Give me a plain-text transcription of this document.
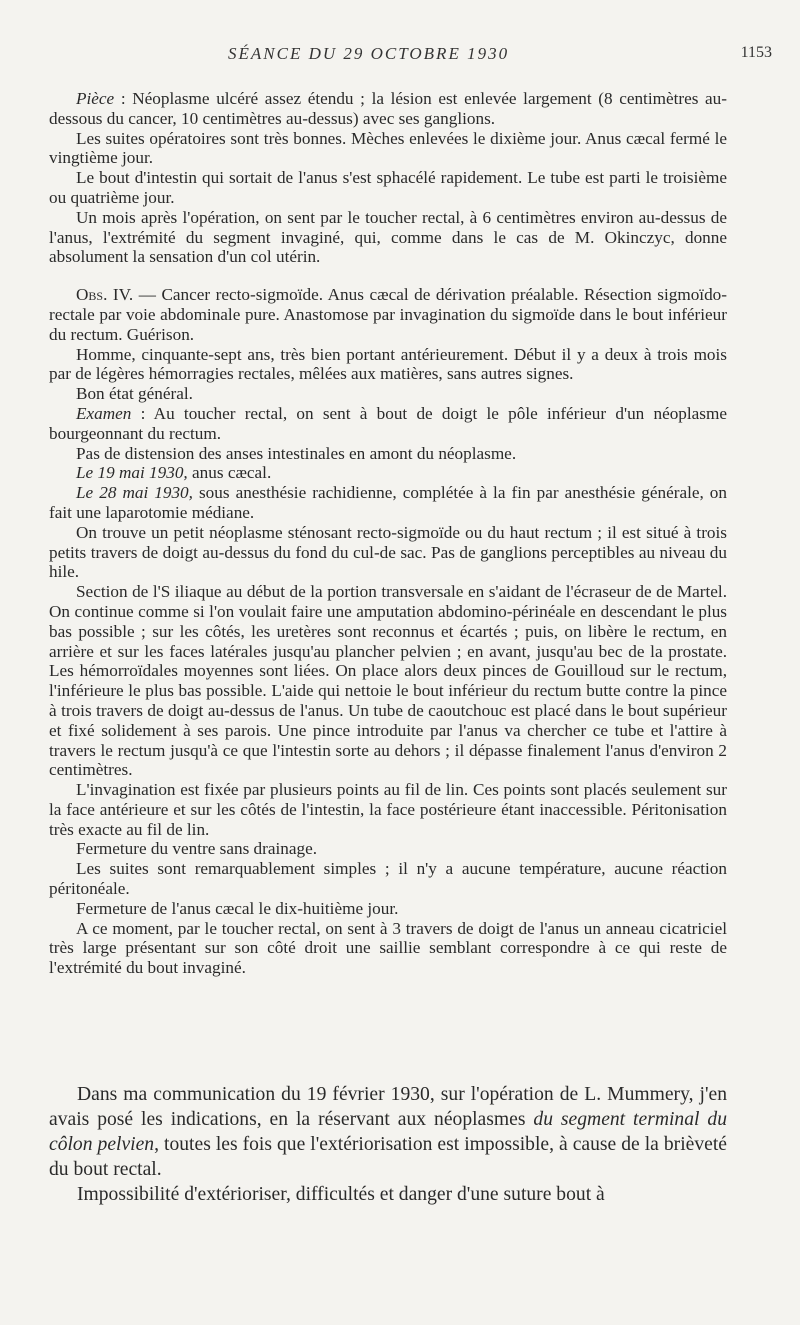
SÉANCE DU 29 OCTOBRE 1930	1153

Pièce : Néoplasme ulcéré assez étendu ; la lésion est enlevée largement (8 centimètres au-dessous du cancer, 10 centimètres au-dessus) avec ses ganglions.

Les suites opératoires sont très bonnes. Mèches enlevées le dixième jour. Anus cæcal fermé le vingtième jour.

Le bout d'intestin qui sortait de l'anus s'est sphacélé rapidement. Le tube est parti le troisième ou quatrième jour.

Un mois après l'opération, on sent par le toucher rectal, à 6 centimètres environ au-dessus de l'anus, l'extrémité du segment invaginé, qui, comme dans le cas de M. Okinczyc, donne absolument la sensation d'un col utérin.

Obs. IV. — Cancer recto-sigmoïde. Anus cæcal de dérivation préalable. Résection sigmoïdo-rectale par voie abdominale pure. Anastomose par invagination du sigmoïde dans le bout inférieur du rectum. Guérison.

Homme, cinquante-sept ans, très bien portant antérieurement. Début il y a deux à trois mois par de légères hémorragies rectales, mêlées aux matières, sans autres signes.

Bon état général.

Examen : Au toucher rectal, on sent à bout de doigt le pôle inférieur d'un néoplasme bourgeonnant du rectum.

Pas de distension des anses intestinales en amont du néoplasme.

Le 19 mai 1930, anus cæcal.

Le 28 mai 1930, sous anesthésie rachidienne, complétée à la fin par anesthésie générale, on fait une laparotomie médiane.

On trouve un petit néoplasme sténosant recto-sigmoïde ou du haut rectum ; il est situé à trois petits travers de doigt au-dessus du fond du cul-de sac. Pas de ganglions perceptibles au niveau du hile.

Section de l'S iliaque au début de la portion transversale en s'aidant de l'écraseur de de Martel. On continue comme si l'on voulait faire une amputation abdomino-périnéale en descendant le plus bas possible ; sur les côtés, les uretères sont reconnus et écartés ; puis, on libère le rectum, en arrière et sur les faces latérales jusqu'au plancher pelvien ; en avant, jusqu'au bec de la prostate. Les hémorroïdales moyennes sont liées. On place alors deux pinces de Gouilloud sur le rectum, l'inférieure le plus bas possible. L'aide qui nettoie le bout inférieur du rectum butte contre la pince à trois travers de doigt au-dessus de l'anus. Un tube de caoutchouc est placé dans le bout supérieur et fixé solidement à ses parois. Une pince introduite par l'anus va chercher ce tube et l'attire à travers le rectum jusqu'à ce que l'intestin sorte au dehors ; il dépasse finalement l'anus d'environ 2 centimètres.

L'invagination est fixée par plusieurs points au fil de lin. Ces points sont placés seulement sur la face antérieure et sur les côtés de l'intestin, la face postérieure étant inaccessible. Péritonisation très exacte au fil de lin.

Fermeture du ventre sans drainage.

Les suites sont remarquablement simples ; il n'y a aucune température, aucune réaction péritonéale.

Fermeture de l'anus cæcal le dix-huitième jour.

A ce moment, par le toucher rectal, on sent à 3 travers de doigt de l'anus un anneau cicatriciel très large présentant sur son côté droit une saillie semblant correspondre à ce qui reste de l'extrémité du bout invaginé.

Dans ma communication du 19 février 1930, sur l'opération de L. Mummery, j'en avais posé les indications, en la réservant aux néoplasmes du segment terminal du côlon pelvien, toutes les fois que l'extériorisation est impossible, à cause de la brièveté du bout rectal.

Impossibilité d'extérioriser, difficultés et danger d'une suture bout à
